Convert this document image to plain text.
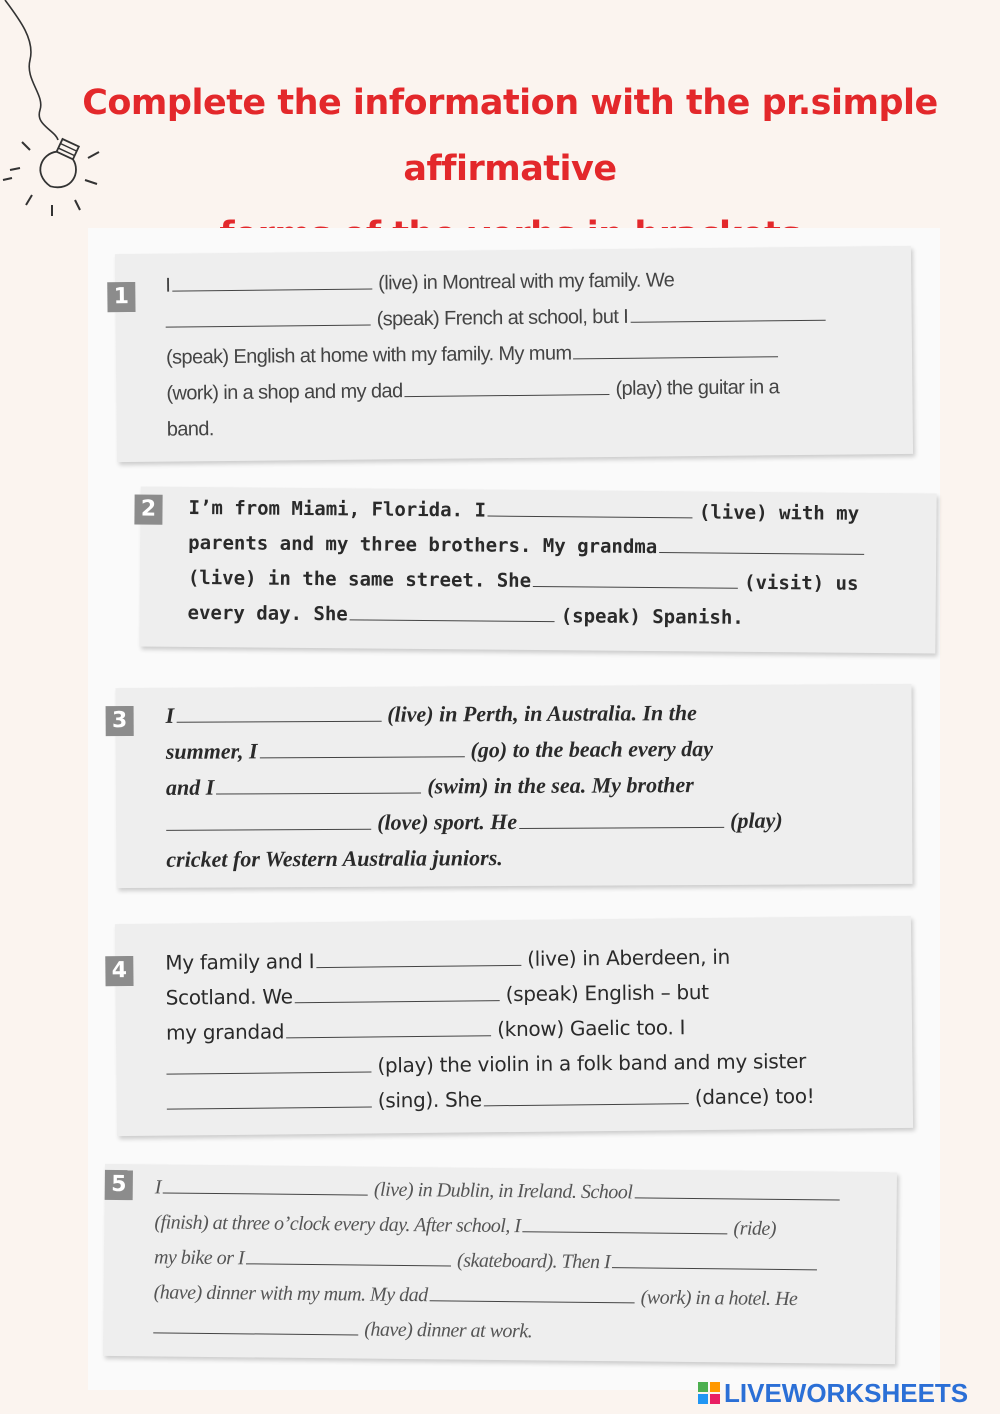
Complete the information with the pr.simple affirmative
1	I	(live) in Montreal with my family. We
(speak) French at school, but I
(speak) English at home with my family. My mum
(work) in a shop and my dad	(play) the guitar in a
band.
2	I’m from Miami, Florida. I	(live) with my
parents and my three brothers. My grandma
(live) in the same street. She	(visit) us
every day. She	(speak) Spanish.
3 I	(live) in Perth, in Australia. In the
summer, I	(go) to the beach every day
and I	(swim) in the sea. My brother
(love) sport. He	(play)
cricket for Western Australia juniors.
4	My family and I	(live) in Aberdeen, in
Scotland. We	(speak) English – but
my grandad	(know) Gaelic too. I
(play) the violin in a folk band and my sister
(sing). She	(dance) too!
5	I	(live) in Dublin, in Ireland. School
(finish) at three o’clock every day. After school, I	(ride)
my bike or I	(skateboard). Then I
(have) dinner with my mum. My dad	(work) in a hotel. He
(have) dinner at work.
LIVEWORKSHEETS
